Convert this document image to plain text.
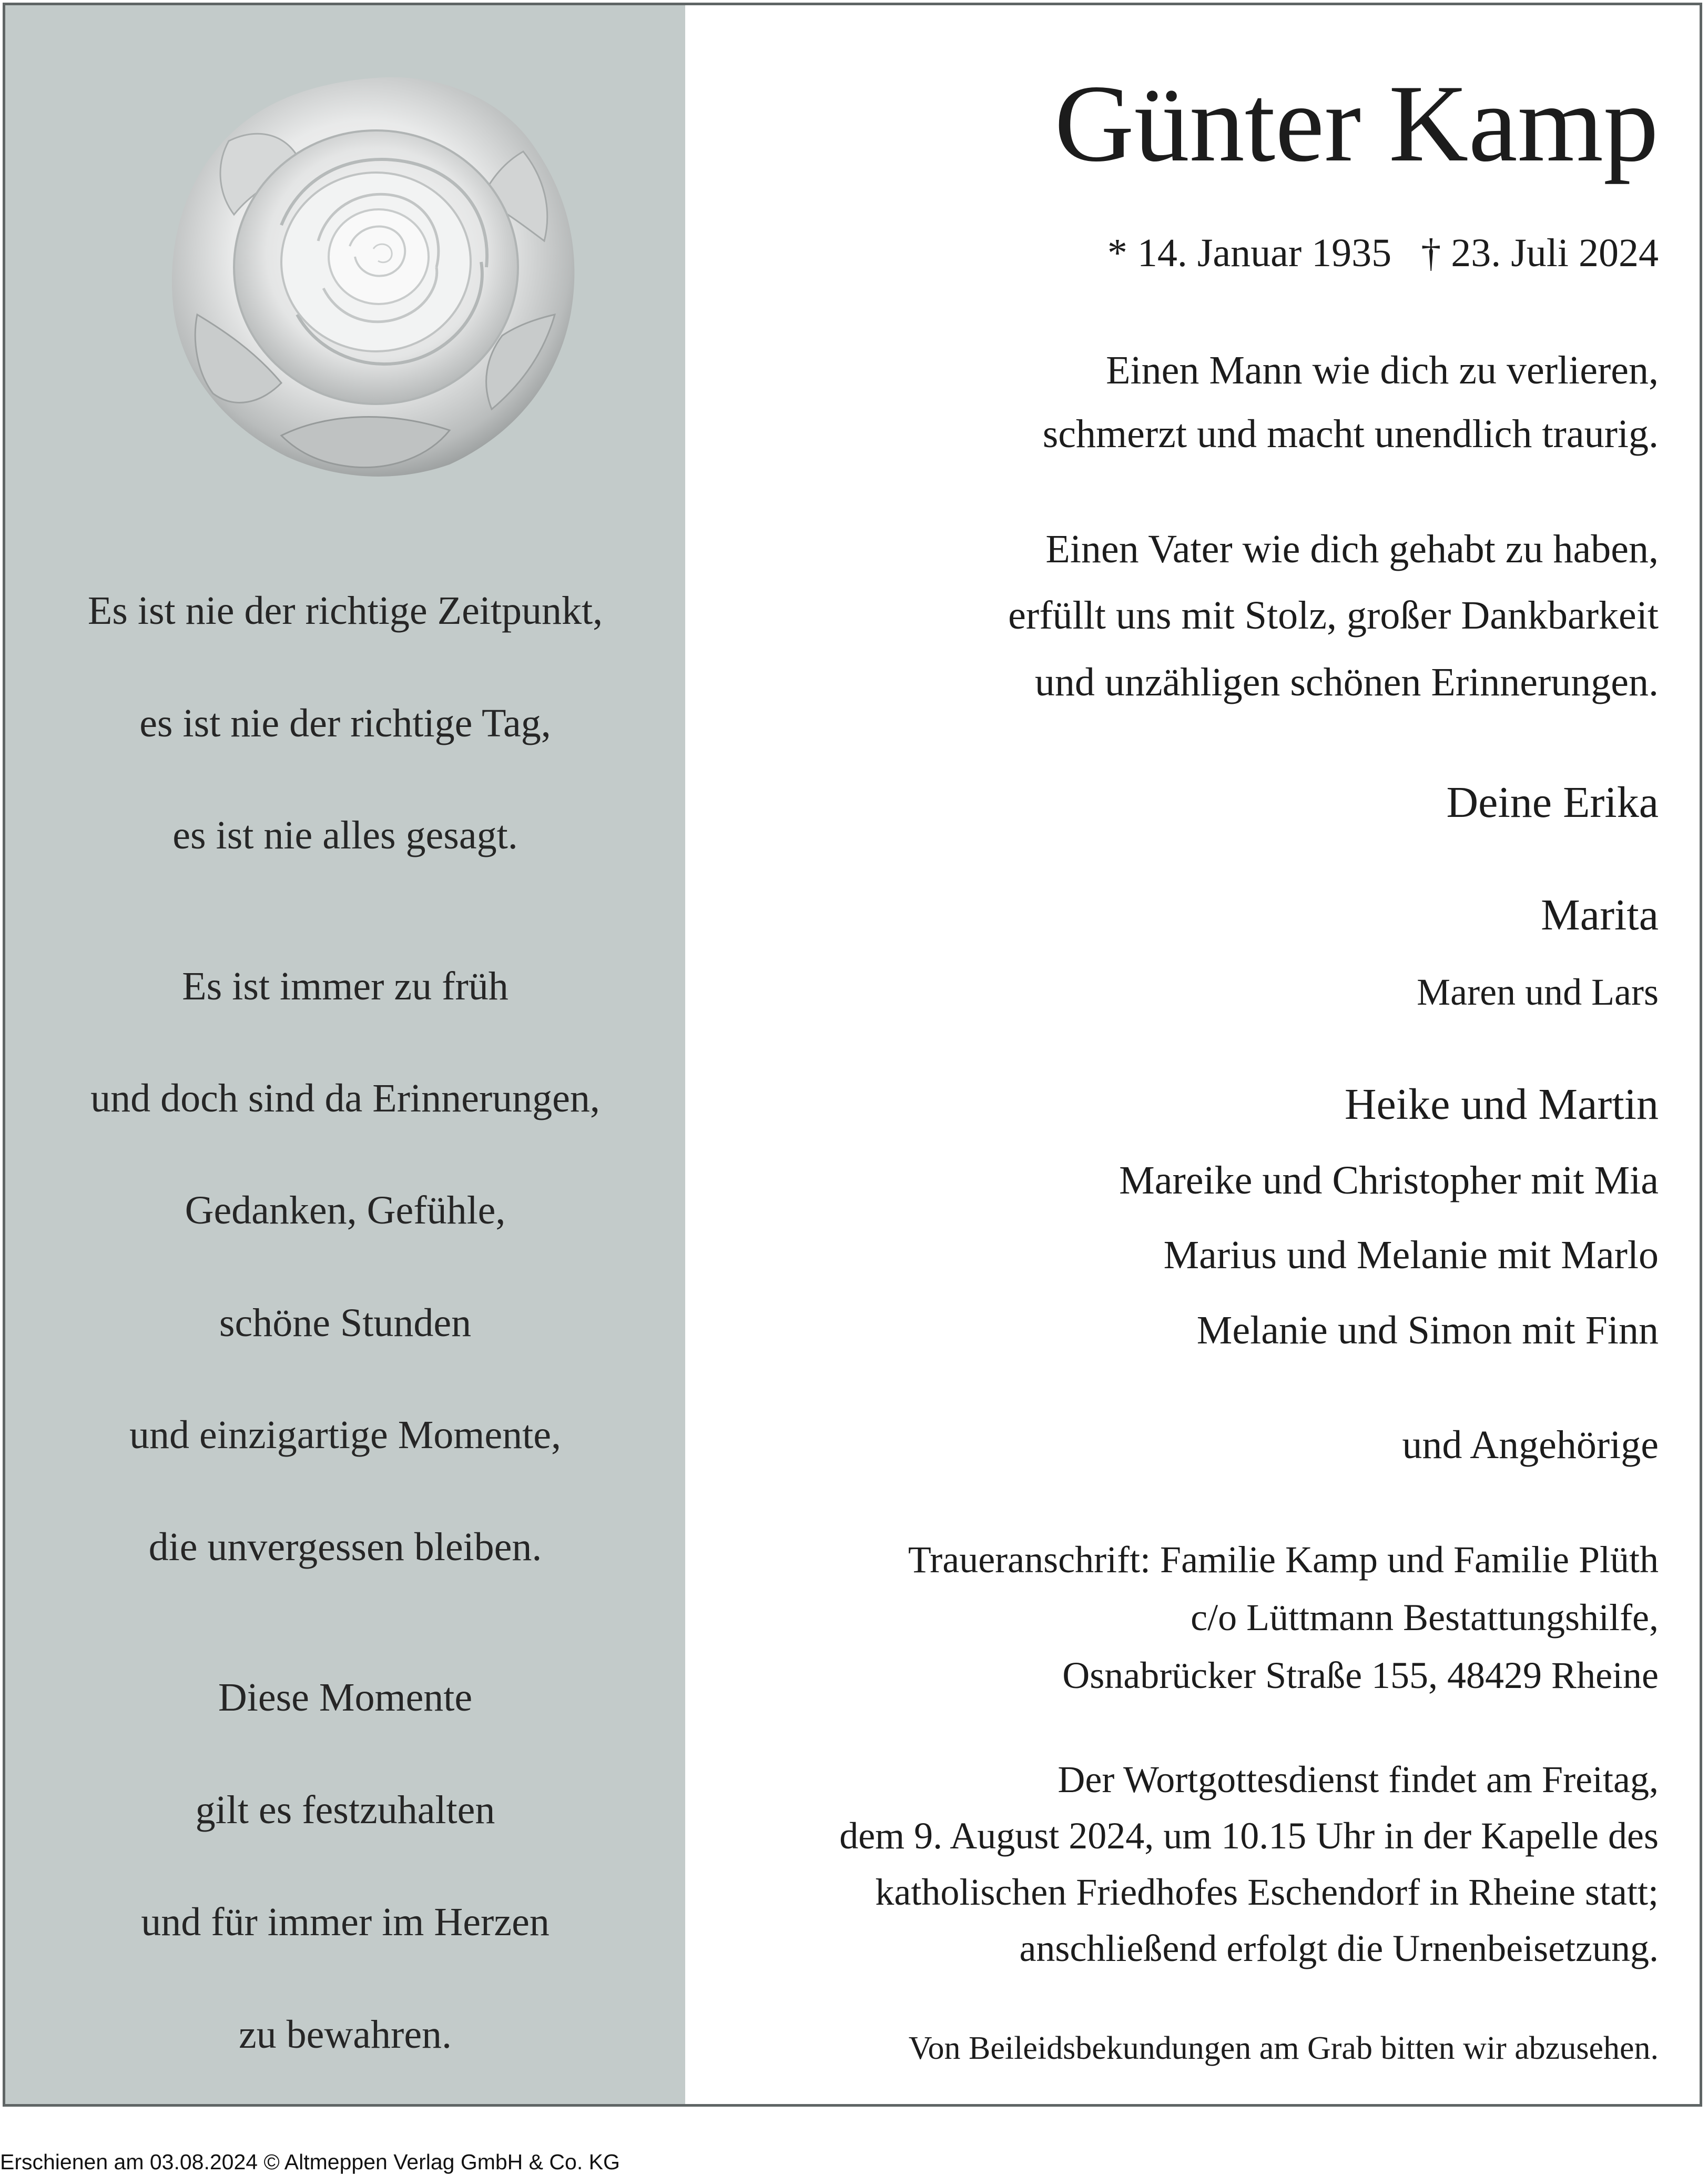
Es ist nie der richtige Zeitpunkt,
es ist nie der richtige Tag,
es ist nie alles gesagt.
Es ist immer zu früh
und doch sind da Erinnerungen,
Gedanken, Gefühle,
schöne Stunden
und einzigartige Momente,
die unvergessen bleiben.
Diese Momente
gilt es festzuhalten
und für immer im Herzen
zu bewahren.
Günter Kamp
* 14. Januar 1935 † 23. Juli 2024
Einen Mann wie dich zu verlieren,
schmerzt und macht unendlich traurig.
Einen Vater wie dich gehabt zu haben,
erfüllt uns mit Stolz, großer Dankbarkeit
und unzähligen schönen Erinnerungen.
Deine Erika
Marita
Maren und Lars
Heike und Martin
Mareike und Christopher mit Mia
Marius und Melanie mit Marlo
Melanie und Simon mit Finn
und Angehörige
Traueranschrift: Familie Kamp und Familie Plüth
c/o Lüttmann Bestattungshilfe,
Osnabrücker Straße 155, 48429 Rheine
Der Wortgottesdienst findet am Freitag,
dem 9. August 2024, um 10.15 Uhr in der Kapelle des
katholischen Friedhofes Eschendorf in Rheine statt;
anschließend erfolgt die Urnenbeisetzung.
Von Beileidsbekundungen am Grab bitten wir abzusehen.
Erschienen am 03.08.2024 © Altmeppen Verlag GmbH & Co. KG
